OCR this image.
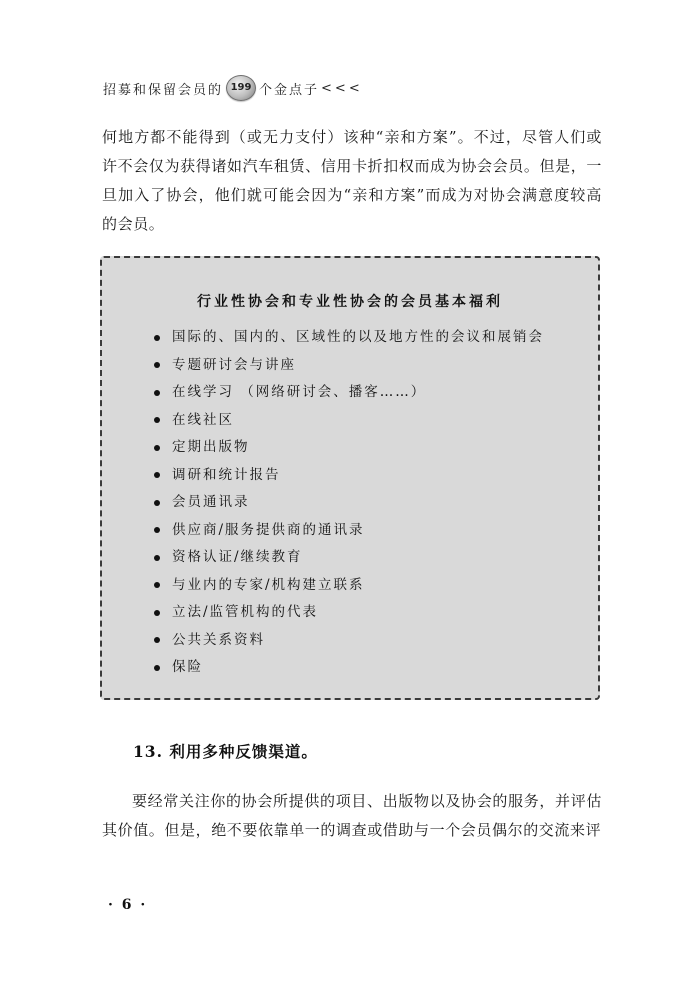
招募和保留会员的 199 个金点子 <<<

何地方都不能得到（或无力支付）该种“亲和方案”。不过，尽管人们或许不会仅为获得诸如汽车租赁、信用卡折扣权而成为协会会员。但是，一旦加入了协会，他们就可能会因为“亲和方案”而成为对协会满意度较高的会员。

行业性协会和专业性协会的会员基本福利
国际的、国内的、区域性的以及地方性的会议和展销会
专题研讨会与讲座
在线学习 （网络研讨会、播客……）
在线社区
定期出版物
调研和统计报告
会员通讯录
供应商/服务提供商的通讯录
资格认证/继续教育
与业内的专家/机构建立联系
立法/监管机构的代表
公共关系资料
保险
13. 利用多种反馈渠道。

要经常关注你的协会所提供的项目、出版物以及协会的服务，并评估其价值。但是，绝不要依靠单一的调查或借助与一个会员偶尔的交流来评

· 6 ·
